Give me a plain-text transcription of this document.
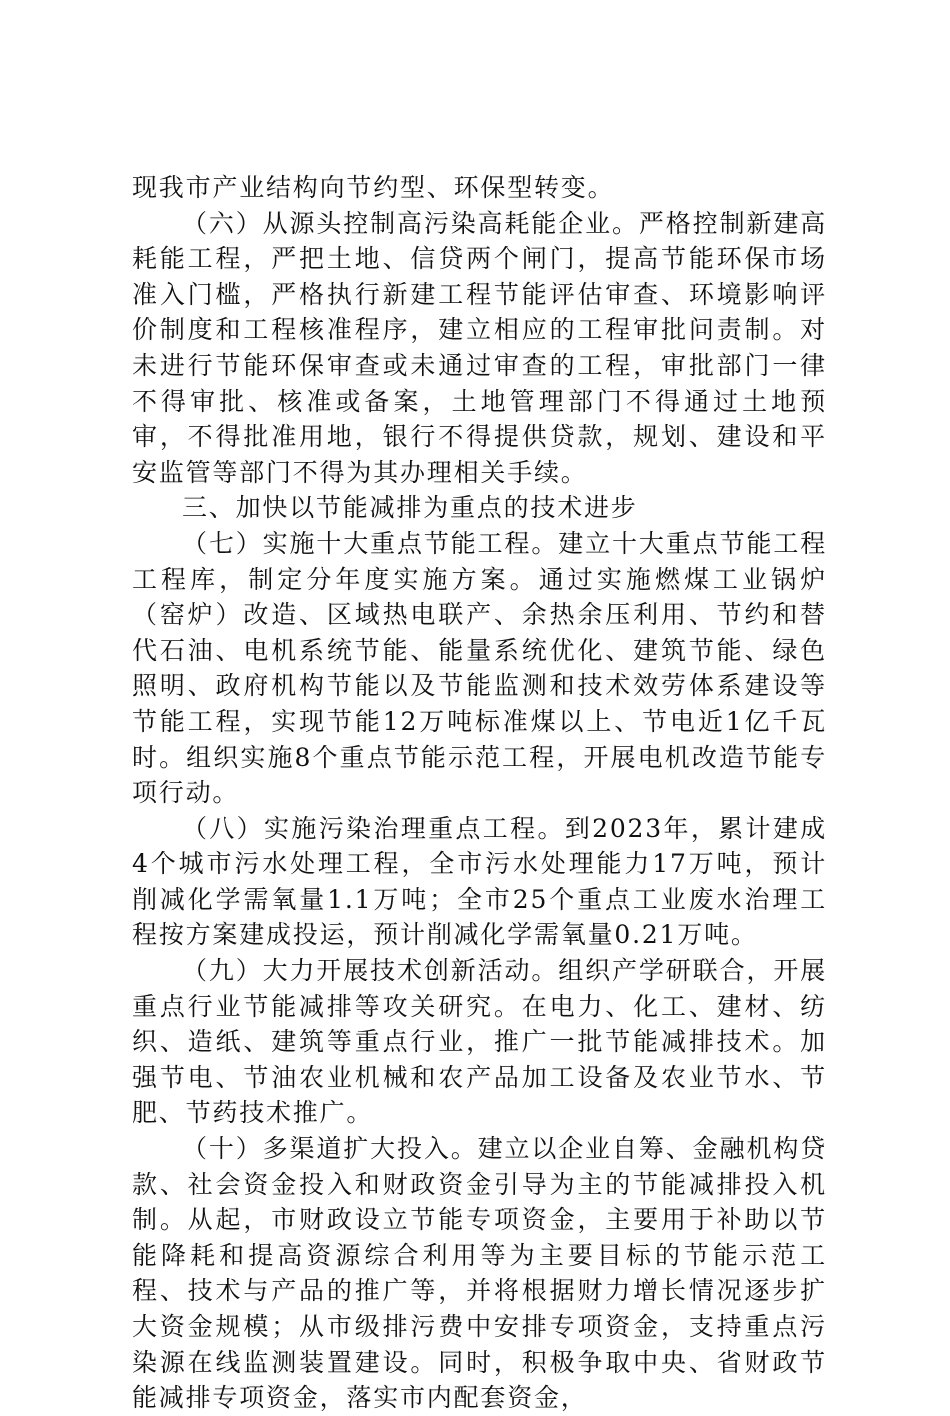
现我市产业结构向节约型、环保型转变。

（六）从源头控制高污染高耗能企业。严格控制新建高耗能工程，严把土地、信贷两个闸门，提高节能环保市场准入门槛，严格执行新建工程节能评估审查、环境影响评价制度和工程核准程序，建立相应的工程审批问责制。对未进行节能环保审查或未通过审查的工程，审批部门一律不得审批、核准或备案，土地管理部门不得通过土地预审，不得批准用地，银行不得提供贷款，规划、建设和平安监管等部门不得为其办理相关手续。

三、加快以节能减排为重点的技术进步

（七）实施十大重点节能工程。建立十大重点节能工程工程库，制定分年度实施方案。通过实施燃煤工业锅炉（窑炉）改造、区域热电联产、余热余压利用、节约和替代石油、电机系统节能、能量系统优化、建筑节能、绿色照明、政府机构节能以及节能监测和技术效劳体系建设等节能工程，实现节能12万吨标准煤以上、节电近1亿千瓦时。组织实施8个重点节能示范工程，开展电机改造节能专项行动。

（八）实施污染治理重点工程。到2023年，累计建成4个城市污水处理工程，全市污水处理能力17万吨，预计削减化学需氧量1.1万吨；全市25个重点工业废水治理工程按方案建成投运，预计削减化学需氧量0.21万吨。

（九）大力开展技术创新活动。组织产学研联合，开展重点行业节能减排等攻关研究。在电力、化工、建材、纺织、造纸、建筑等重点行业，推广一批节能减排技术。加强节电、节油农业机械和农产品加工设备及农业节水、节肥、节药技术推广。

（十）多渠道扩大投入。建立以企业自筹、金融机构贷款、社会资金投入和财政资金引导为主的节能减排投入机制。从起，市财政设立节能专项资金，主要用于补助以节能降耗和提高资源综合利用等为主要目标的节能示范工程、技术与产品的推广等，并将根据财力增长情况逐步扩大资金规模；从市级排污费中安排专项资金，支持重点污染源在线监测装置建设。同时，积极争取中央、省财政节能减排专项资金，落实市内配套资金，
